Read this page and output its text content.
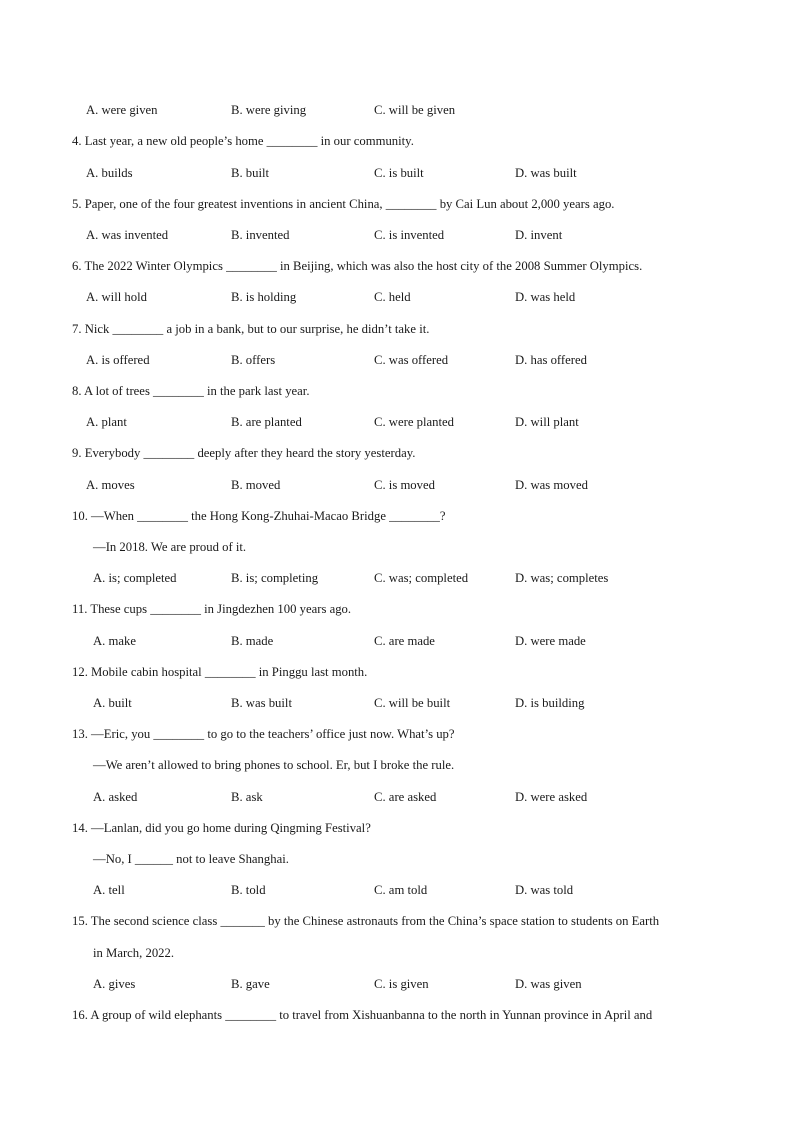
A. were given	B. were giving	C. will be given
4. Last year, a new old people’s home ________ in our community.
A. builds	B. built	C. is built	D. was built
5. Paper, one of the four greatest inventions in ancient China, ________ by Cai Lun about 2,000 years ago.
A. was invented	B. invented	C. is invented	D. invent
6. The 2022 Winter Olympics ________ in Beijing, which was also the host city of the 2008 Summer Olympics.
A. will hold	B. is holding	C. held	D. was held
7. Nick ________ a job in a bank, but to our surprise, he didn’t take it.
A. is offered	B. offers	C. was offered	D. has offered
8. A lot of trees ________ in the park last year.
A. plant	B. are planted	C. were planted	D. will plant
9. Everybody ________ deeply after they heard the story yesterday.
A. moves	B. moved	C. is moved	D. was moved
10. —When ________ the Hong Kong-Zhuhai-Macao Bridge ________?
—In 2018. We are proud of it.
A. is; completed	B. is; completing	C. was; completed	D. was; completes
11. These cups ________ in Jingdezhen 100 years ago.
A. make	B. made	C. are made	D. were made
12. Mobile cabin hospital ________ in Pinggu last month.
A. built	B. was built	C. will be built	D. is building
13. —Eric, you ________ to go to the teachers’ office just now. What’s up?
—We aren’t allowed to bring phones to school. Er, but I broke the rule.
A. asked	B. ask	C. are asked	D. were asked
14. —Lanlan, did you go home during Qingming Festival?
—No, I ______ not to leave Shanghai.
A. tell	B. told	C. am told	D. was told
15. The second science class _______ by the Chinese astronauts from the China’s space station to students on Earth
in March, 2022.
A. gives	B. gave	C. is given	D. was given
16. A group of wild elephants ________ to travel from Xishuanbanna to the north in Yunnan province in April and
